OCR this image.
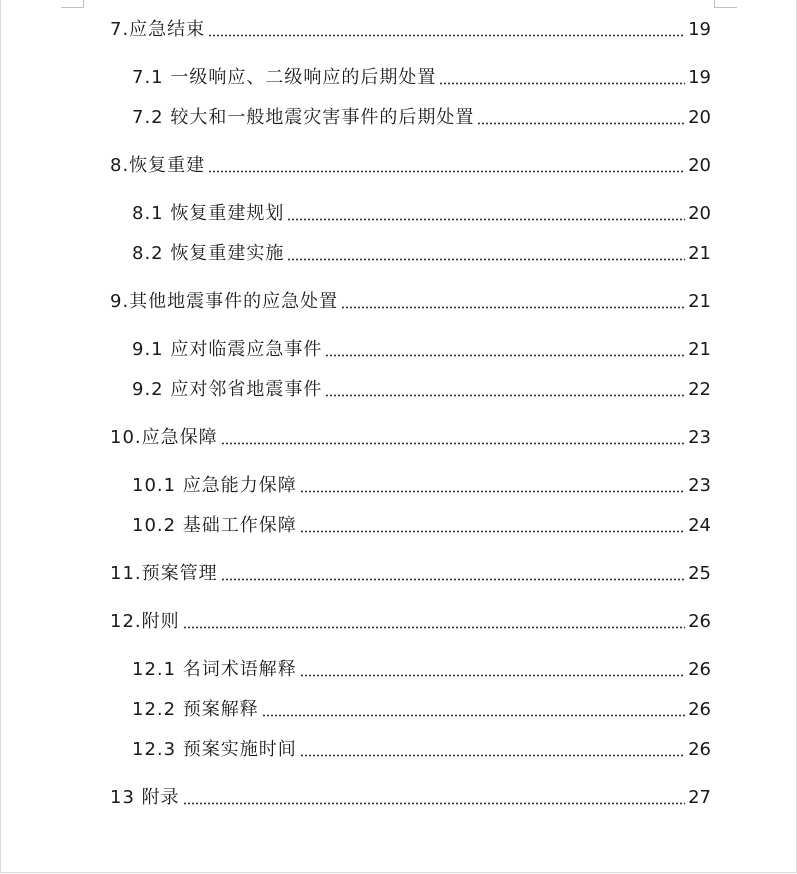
7.应急结束	19
7.1 一级响应、二级响应的后期处置	19
7.2 较大和一般地震灾害事件的后期处置	20
8.恢复重建	20
8.1 恢复重建规划	20
8.2 恢复重建实施	21
9.其他地震事件的应急处置	21
9.1 应对临震应急事件	21
9.2 应对邻省地震事件	22
10.应急保障	23
10.1 应急能力保障	23
10.2 基础工作保障	24
11.预案管理	25
12.附则	26
12.1 名词术语解释	26
12.2 预案解释	26
12.3 预案实施时间	26
13 附录	27
